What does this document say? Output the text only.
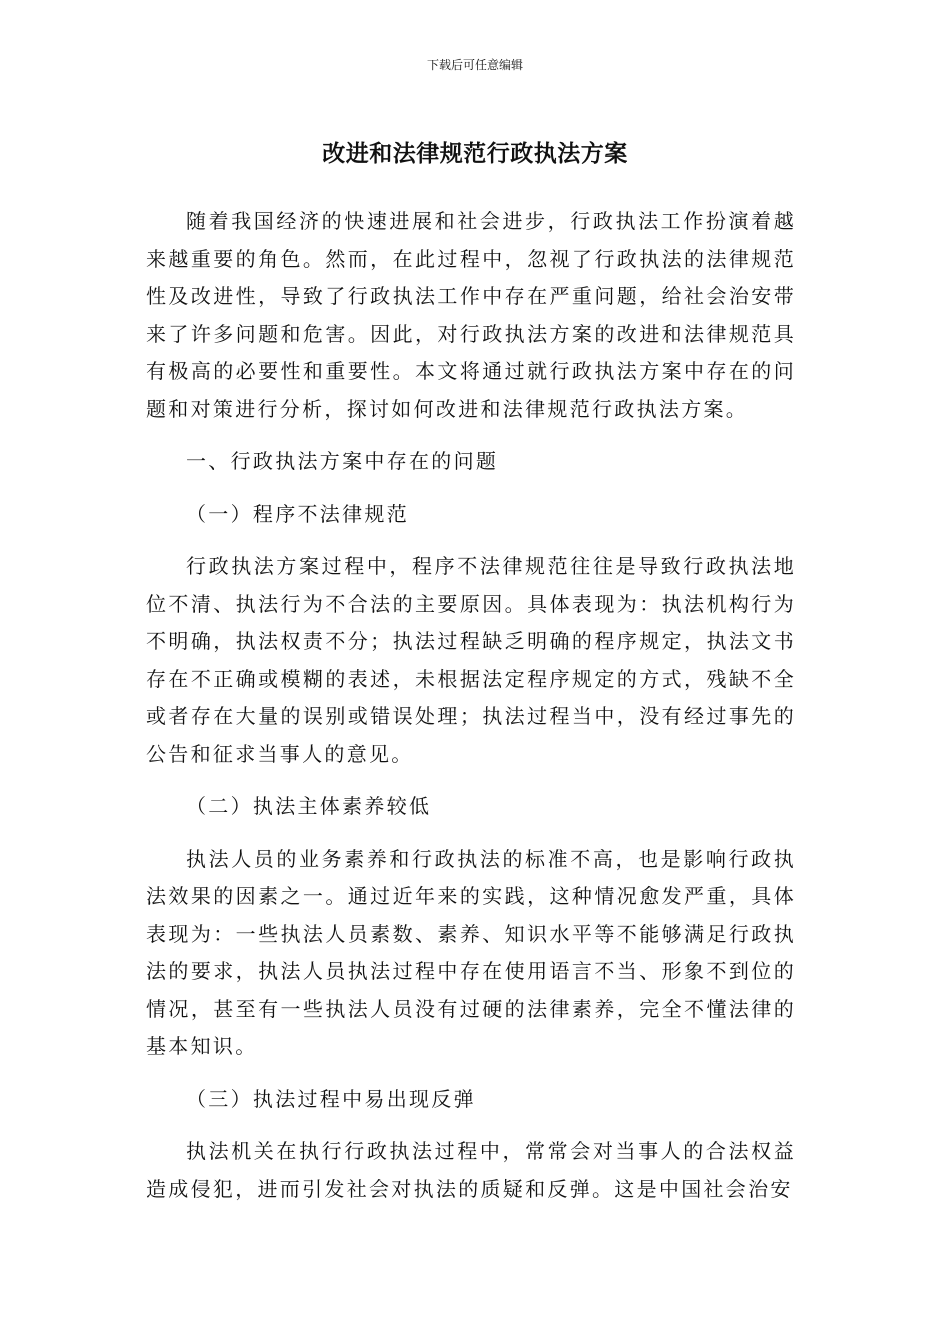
下载后可任意编辑
改进和法律规范行政执法方案

随着我国经济的快速进展和社会进步，行政执法工作扮演着越来越重要的角色。然而，在此过程中，忽视了行政执法的法律规范性及改进性，导致了行政执法工作中存在严重问题，给社会治安带来了许多问题和危害。因此，对行政执法方案的改进和法律规范具有极高的必要性和重要性。本文将通过就行政执法方案中存在的问题和对策进行分析，探讨如何改进和法律规范行政执法方案。

一、行政执法方案中存在的问题

（一）程序不法律规范

行政执法方案过程中，程序不法律规范往往是导致行政执法地位不清、执法行为不合法的主要原因。具体表现为：执法机构行为不明确，执法权责不分；执法过程缺乏明确的程序规定，执法文书存在不正确或模糊的表述，未根据法定程序规定的方式，残缺不全或者存在大量的误别或错误处理；执法过程当中，没有经过事先的公告和征求当事人的意见。

（二）执法主体素养较低

执法人员的业务素养和行政执法的标准不高，也是影响行政执法效果的因素之一。通过近年来的实践，这种情况愈发严重，具体表现为：一些执法人员素数、素养、知识水平等不能够满足行政执法的要求，执法人员执法过程中存在使用语言不当、形象不到位的情况，甚至有一些执法人员没有过硬的法律素养，完全不懂法律的基本知识。

（三）执法过程中易出现反弹

执法机关在执行行政执法过程中，常常会对当事人的合法权益造成侵犯，进而引发社会对执法的质疑和反弹。这是中国社会治安
